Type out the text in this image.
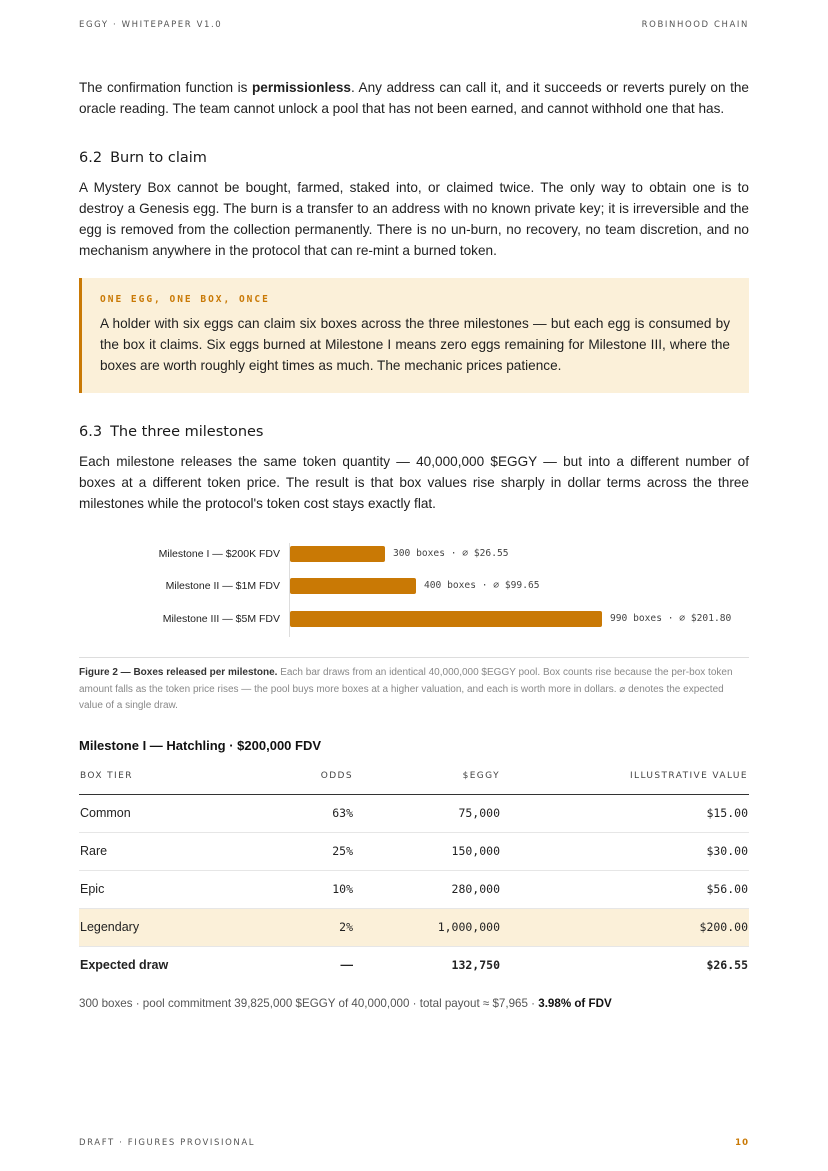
EGGY · WHITEPAPER V1.0	ROBINHOOD CHAIN

The confirmation function is permissionless. Any address can call it, and it succeeds or reverts purely on the oracle reading. The team cannot unlock a pool that has not been earned, and cannot withhold one that has.

6.2 Burn to claim

A Mystery Box cannot be bought, farmed, staked into, or claimed twice. The only way to obtain one is to destroy a Genesis egg. The burn is a transfer to an address with no known private key; it is irreversible and the egg is removed from the collection permanently. There is no un-burn, no recovery, no team discretion, and no mechanism anywhere in the protocol that can re-mint a burned token.

ONE EGG, ONE BOX, ONCE

A holder with six eggs can claim six boxes across the three milestones — but each egg is consumed by the box it claims. Six eggs burned at Milestone I means zero eggs remaining for Milestone III, where the boxes are worth roughly eight times as much. The mechanic prices patience.

6.3 The three milestones

Each milestone releases the same token quantity — 40,000,000 $EGGY — but into a different number of boxes at a different token price. The result is that box values rise sharply in dollar terms across the three milestones while the protocol's token cost stays exactly flat.

Milestone I — $200K FDV	300 boxes · ⌀ $26.55
Milestone II — $1M FDV	400 boxes · ⌀ $99.65
Milestone III — $5M FDV	990 boxes · ⌀ $201.80
Figure 2 — Boxes released per milestone. Each bar draws from an identical 40,000,000 $EGGY pool. Box counts rise because the per-box token amount falls as the token price rises — the pool buys more boxes at a higher valuation, and each is worth more in dollars. ⌀ denotes the expected value of a single draw.
Milestone I — Hatchling · $200,000 FDV
BOX TIER	ODDS	$EGGY	ILLUSTRATIVE VALUE
Common	63%	75,000	$15.00
Rare	25%	150,000	$30.00
Epic	10%	280,000	$56.00
Legendary	2%	1,000,000	$200.00
Expected draw	—	132,750	$26.55
300 boxes · pool commitment 39,825,000 $EGGY of 40,000,000 · total payout ≈ $7,965 · 3.98% of FDV
DRAFT · FIGURES PROVISIONAL	10
